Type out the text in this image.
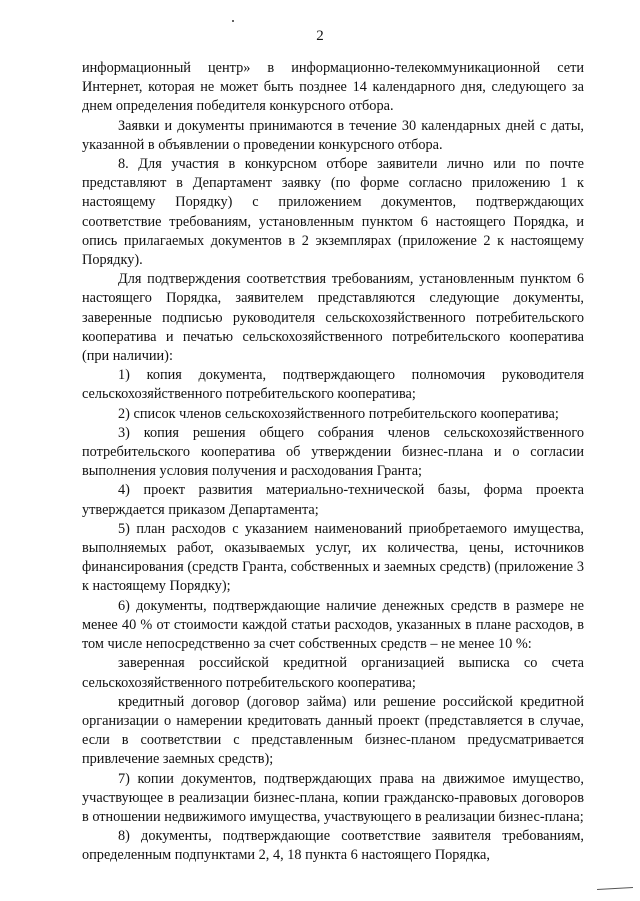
2

информационный центр» в информационно-телекоммуникационной сети Интернет, которая не может быть позднее 14 календарного дня, следующего за днем определения победителя конкурсного отбора.

Заявки и документы принимаются в течение 30 календарных дней с даты, указанной в объявлении о проведении конкурсного отбора.

8. Для участия в конкурсном отборе заявители лично или по почте представляют в Департамент заявку (по форме согласно приложению 1 к настоящему Порядку) с приложением документов, подтверждающих соответствие требованиям, установленным пунктом 6 настоящего Порядка, и опись прилагаемых документов в 2 экземплярах (приложение 2 к настоящему Порядку).

Для подтверждения соответствия требованиям, установленным пунктом 6 настоящего Порядка, заявителем представляются следующие документы, заверенные подписью руководителя сельскохозяйственного потребительского кооператива и печатью сельскохозяйственного потребительского кооператива (при наличии):

1) копия документа, подтверждающего полномочия руководителя сельскохозяйственного потребительского кооператива;

2) список членов сельскохозяйственного потребительского кооператива;

3) копия решения общего собрания членов сельскохозяйственного потребительского кооператива об утверждении бизнес-плана и о согласии выполнения условия получения и расходования Гранта;

4) проект развития материально-технической базы, форма проекта утверждается приказом Департамента;

5) план расходов с указанием наименований приобретаемого имущества, выполняемых работ, оказываемых услуг, их количества, цены, источников финансирования (средств Гранта, собственных и заемных средств) (приложение 3 к настоящему Порядку);

6) документы, подтверждающие наличие денежных средств в размере не менее 40 % от стоимости каждой статьи расходов, указанных в плане расходов, в том числе непосредственно за счет собственных средств – не менее 10 %:

заверенная российской кредитной организацией выписка со счета сельскохозяйственного потребительского кооператива;

кредитный договор (договор займа) или решение российской кредитной организации о намерении кредитовать данный проект (представляется в случае, если в соответствии с представленным бизнес-планом предусматривается привлечение заемных средств);

7) копии документов, подтверждающих права на движимое имущество, участвующее в реализации бизнес-плана, копии гражданско-правовых договоров в отношении недвижимого имущества, участвующего в реализации бизнес-плана;

8) документы, подтверждающие соответствие заявителя требованиям, определенным подпунктами 2, 4, 18 пункта 6 настоящего Порядка,
